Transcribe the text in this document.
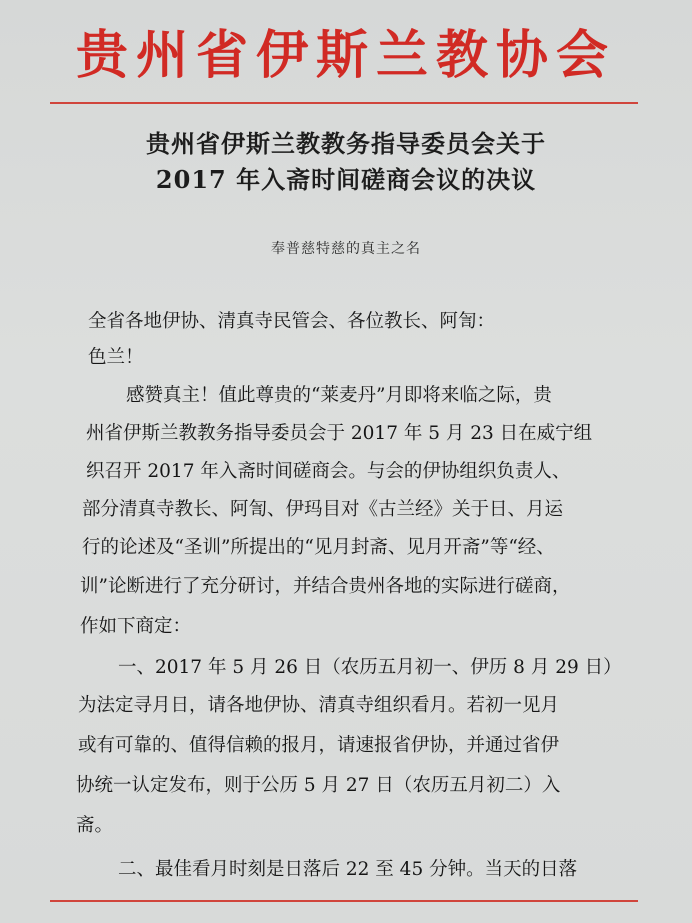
贵州省伊斯兰教协会
贵州省伊斯兰教教务指导委员会关于
2017 年入斋时间磋商会议的决议
奉普慈特慈的真主之名
全省各地伊协、清真寺民管会、各位教长、阿訇：
色兰！
感赞真主！值此尊贵的“莱麦丹”月即将来临之际，贵
州省伊斯兰教教务指导委员会于 2017 年 5 月 23 日在威宁组
织召开 2017 年入斋时间磋商会。与会的伊协组织负责人、
部分清真寺教长、阿訇、伊玛目对《古兰经》关于日、月运
行的论述及“圣训”所提出的“见月封斋、见月开斋”等“经、
训”论断进行了充分研讨，并结合贵州各地的实际进行磋商，
作如下商定：
一、2017 年 5 月 26 日（农历五月初一、伊历 8 月 29 日）
为法定寻月日，请各地伊协、清真寺组织看月。若初一见月
或有可靠的、值得信赖的报月，请速报省伊协，并通过省伊
协统一认定发布，则于公历 5 月 27 日（农历五月初二）入
斋。
二、最佳看月时刻是日落后 22 至 45 分钟。当天的日落
